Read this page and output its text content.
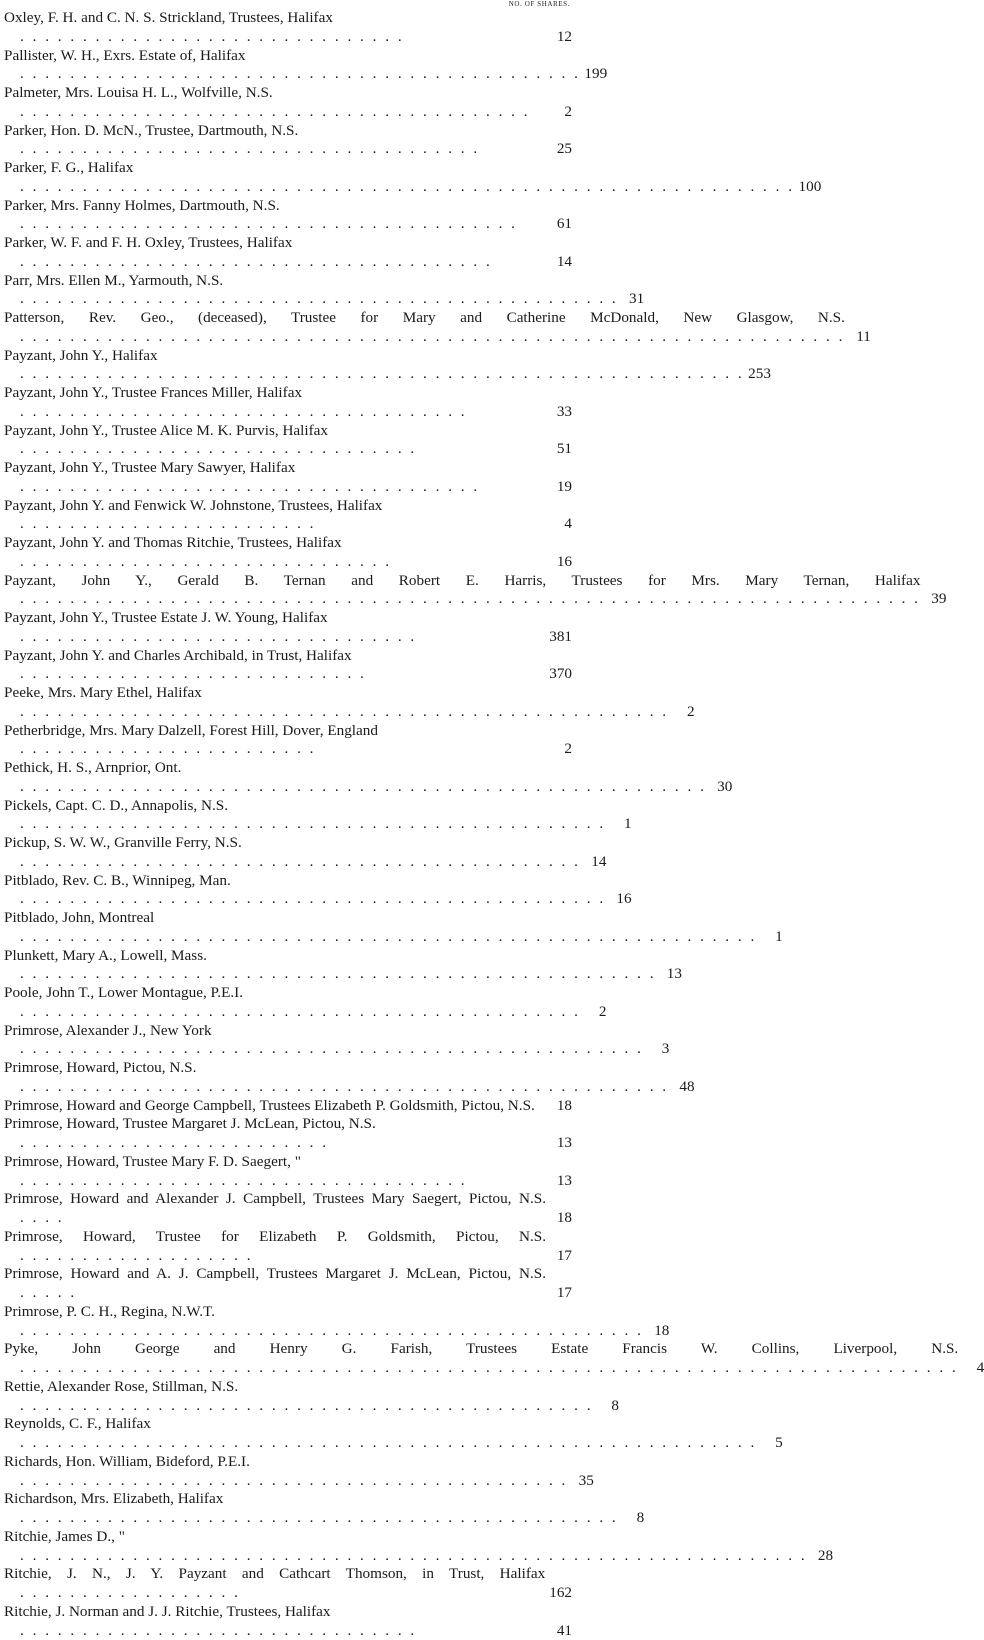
NO. OF SHARES.
Oxley, F. H. and C. N. S. Strickland, Trustees, Halifax . . . . . . . . . . . . . . . . . . . . . . . . . . . . . . .	12
Pallister, W. H., Exrs. Estate of, Halifax . . . . . . . . . . . . . . . . . . . . . . . . . . . . . . . . . . . . . . . . . . . . . 199
Palmeter, Mrs. Louisa H. L., Wolfville, N.S. . . . . . . . . . . . . . . . . . . . . . . . . . . . . . . . . . . . . . . . . .	2
Parker, Hon. D. McN., Trustee, Dartmouth, N.S. . . . . . . . . . . . . . . . . . . . . . . . . . . . . . . . . . . . . .	25
Parker, F. G., Halifax . . . . . . . . . . . . . . . . . . . . . . . . . . . . . . . . . . . . . . . . . . . . . . . . . . . . . . . . . . . . . . 100
Parker, Mrs. Fanny Holmes, Dartmouth, N.S. . . . . . . . . . . . . . . . . . . . . . . . . . . . . . . . . . . . . . . . .	61
Parker, W. F. and F. H. Oxley, Trustees, Halifax . . . . . . . . . . . . . . . . . . . . . . . . . . . . . . . . . . . . . .	14
Parr, Mrs. Ellen M., Yarmouth, N.S. . . . . . . . . . . . . . . . . . . . . . . . . . . . . . . . . . . . . . . . . . . . . . . . . 31
Patterson, Rev. Geo., (deceased), Trustee for Mary and Catherine McDonald, New Glasgow, N.S. . . . . . . . . . . . . . . . . . . . . . . . . . . . . . . . . . . . . . . . . . . . . . . . . . . . . . . . . . . . . . . . . . . 11
Payzant, John Y., Halifax . . . . . . . . . . . . . . . . . . . . . . . . . . . . . . . . . . . . . . . . . . . . . . . . . . . . . . . . . . 253
Payzant, John Y., Trustee Frances Miller, Halifax . . . . . . . . . . . . . . . . . . . . . . . . . . . . . . . . . . . .	33
Payzant, John Y., Trustee Alice M. K. Purvis, Halifax . . . . . . . . . . . . . . . . . . . . . . . . . . . . . . . .	51
Payzant, John Y., Trustee Mary Sawyer, Halifax . . . . . . . . . . . . . . . . . . . . . . . . . . . . . . . . . . . . .	19
Payzant, John Y. and Fenwick W. Johnstone, Trustees, Halifax . . . . . . . . . . . . . . . . . . . . . . . .	4
Payzant, John Y. and Thomas Ritchie, Trustees, Halifax . . . . . . . . . . . . . . . . . . . . . . . . . . . . . .	16
Payzant, John Y., Gerald B. Ternan and Robert E. Harris, Trustees for Mrs. Mary Ternan, Halifax . . . . . . . . . . . . . . . . . . . . . . . . . . . . . . . . . . . . . . . . . . . . . . . . . . . . . . . . . . . . . . . . . . . . . . . . 39
Payzant, John Y., Trustee Estate J. W. Young, Halifax . . . . . . . . . . . . . . . . . . . . . . . . . . . . . . . .	381
Payzant, John Y. and Charles Archibald, in Trust, Halifax . . . . . . . . . . . . . . . . . . . . . . . . . . . .	370
Peeke, Mrs. Mary Ethel, Halifax . . . . . . . . . . . . . . . . . . . . . . . . . . . . . . . . . . . . . . . . . . . . . . . . . . . .	2
Petherbridge, Mrs. Mary Dalzell, Forest Hill, Dover, England . . . . . . . . . . . . . . . . . . . . . . . .	2
Pethick, H. S., Arnprior, Ont. . . . . . . . . . . . . . . . . . . . . . . . . . . . . . . . . . . . . . . . . . . . . . . . . . . . . . . . 30
Pickels, Capt. C. D., Annapolis, N.S. . . . . . . . . . . . . . . . . . . . . . . . . . . . . . . . . . . . . . . . . . . . . . . .	1
Pickup, S. W. W., Granville Ferry, N.S. . . . . . . . . . . . . . . . . . . . . . . . . . . . . . . . . . . . . . . . . . . . . . 14
Pitblado, Rev. C. B., Winnipeg, Man. . . . . . . . . . . . . . . . . . . . . . . . . . . . . . . . . . . . . . . . . . . . . . . . 16
Pitblado, John, Montreal . . . . . . . . . . . . . . . . . . . . . . . . . . . . . . . . . . . . . . . . . . . . . . . . . . . . . . . . . . .	1
Plunkett, Mary A., Lowell, Mass. . . . . . . . . . . . . . . . . . . . . . . . . . . . . . . . . . . . . . . . . . . . . . . . . . . . 13
Poole, John T., Lower Montague, P.E.I. . . . . . . . . . . . . . . . . . . . . . . . . . . . . . . . . . . . . . . . . . . . . .	2
Primrose, Alexander J., New York . . . . . . . . . . . . . . . . . . . . . . . . . . . . . . . . . . . . . . . . . . . . . . . . . .	3
Primrose, Howard, Pictou, N.S. . . . . . . . . . . . . . . . . . . . . . . . . . . . . . . . . . . . . . . . . . . . . . . . . . . . . 48
Primrose, Howard and George Campbell, Trustees Elizabeth P. Goldsmith, Pictou, N.S.	18
Primrose, Howard, Trustee Margaret J. McLean, Pictou, N.S. . . . . . . . . . . . . . . . . . . . . . . . . .	13
Primrose, Howard, Trustee Mary F. D. Saegert, " . . . . . . . . . . . . . . . . . . . . . . . . . . . . . . . . . . . .	13
Primrose, Howard and Alexander J. Campbell, Trustees Mary Saegert, Pictou, N.S. . . . .	18
Primrose, Howard, Trustee for Elizabeth P. Goldsmith, Pictou, N.S. . . . . . . . . . . . . . . . . . . .	17
Primrose, Howard and A. J. Campbell, Trustees Margaret J. McLean, Pictou, N.S. . . . . .	17
Primrose, P. C. H., Regina, N.W.T. . . . . . . . . . . . . . . . . . . . . . . . . . . . . . . . . . . . . . . . . . . . . . . . . . . 18
Pyke, John George and Henry G. Farish, Trustees Estate Francis W. Collins, Liverpool, N.S. . . . . . . . . . . . . . . . . . . . . . . . . . . . . . . . . . . . . . . . . . . . . . . . . . . . . . . . . . . . . . . . . . . . . . . . . . . .	4
Rettie, Alexander Rose, Stillman, N.S. . . . . . . . . . . . . . . . . . . . . . . . . . . . . . . . . . . . . . . . . . . . . . .	8
Reynolds, C. F., Halifax . . . . . . . . . . . . . . . . . . . . . . . . . . . . . . . . . . . . . . . . . . . . . . . . . . . . . . . . . . .	5
Richards, Hon. William, Bideford, P.E.I. . . . . . . . . . . . . . . . . . . . . . . . . . . . . . . . . . . . . . . . . . . . . 35
Richardson, Mrs. Elizabeth, Halifax . . . . . . . . . . . . . . . . . . . . . . . . . . . . . . . . . . . . . . . . . . . . . . . .	8
Ritchie, James D., " . . . . . . . . . . . . . . . . . . . . . . . . . . . . . . . . . . . . . . . . . . . . . . . . . . . . . . . . . . . . . . . 28
Ritchie, J. N., J. Y. Payzant and Cathcart Thomson, in Trust, Halifax . . . . . . . . . . . . . . . . . .	162
Ritchie, J. Norman and J. J. Ritchie, Trustees, Halifax . . . . . . . . . . . . . . . . . . . . . . . . . . . . . . . .	41
